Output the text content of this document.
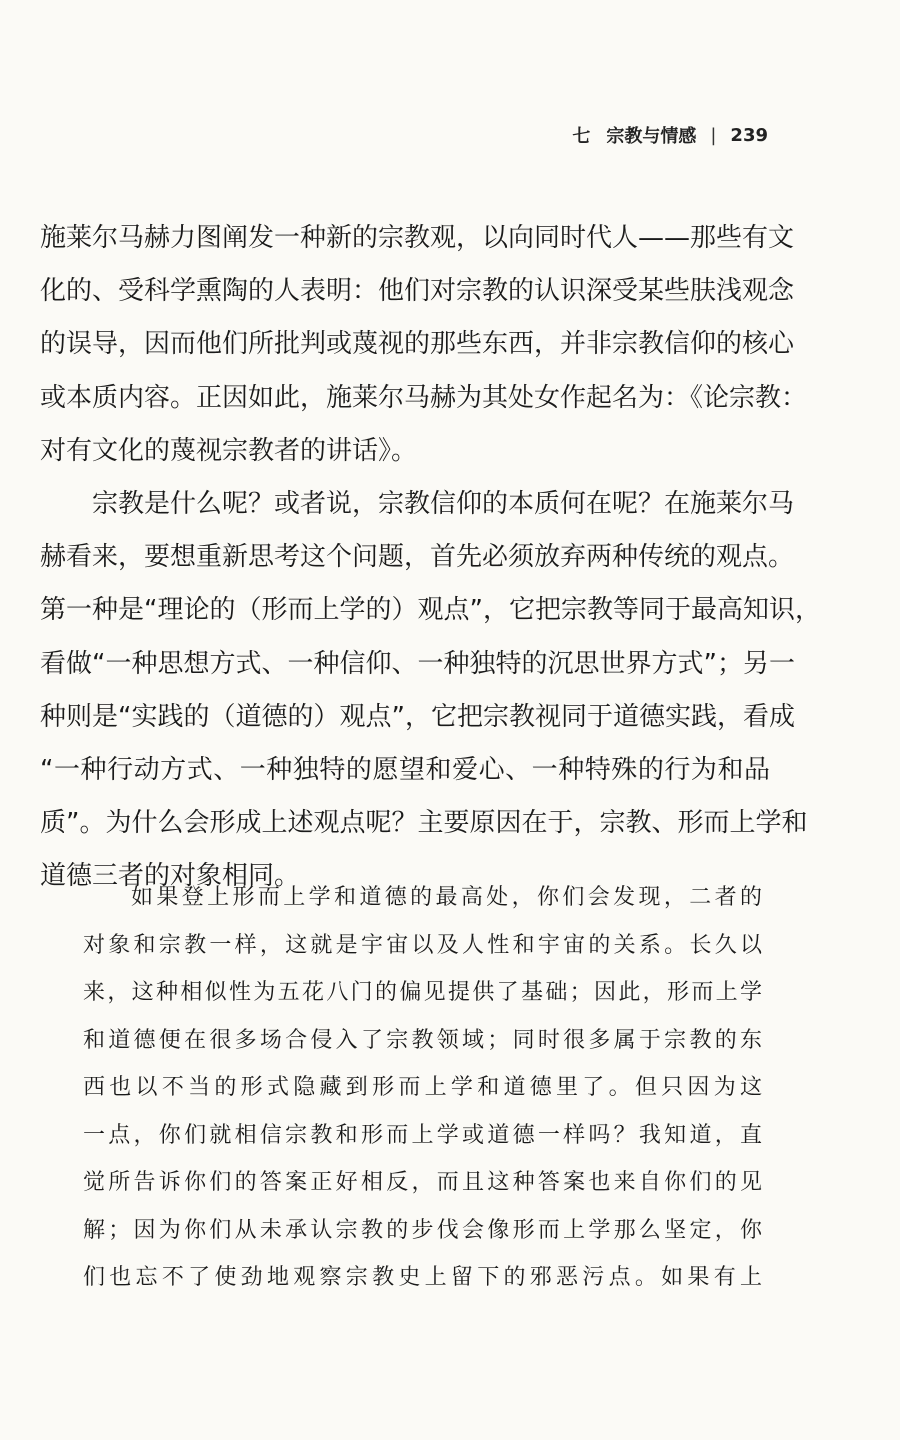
七 宗教与情感 | 239
施莱尔马赫力图阐发一种新的宗教观，以向同时代人——那些有文
化的、受科学熏陶的人表明：他们对宗教的认识深受某些肤浅观念
的误导，因而他们所批判或蔑视的那些东西，并非宗教信仰的核心
或本质内容。正因如此，施莱尔马赫为其处女作起名为：《论宗教：
对有文化的蔑视宗教者的讲话》。
宗教是什么呢？或者说，宗教信仰的本质何在呢？在施莱尔马
赫看来，要想重新思考这个问题，首先必须放弃两种传统的观点。
第一种是“理论的（形而上学的）观点”，它把宗教等同于最高知识，
看做“一种思想方式、一种信仰、一种独特的沉思世界方式”；另一
种则是“实践的（道德的）观点”，它把宗教视同于道德实践，看成
“一种行动方式、一种独特的愿望和爱心、一种特殊的行为和品
质”。为什么会形成上述观点呢？主要原因在于，宗教、形而上学和
道德三者的对象相同。
如果登上形而上学和道德的最高处，你们会发现，二者的
对象和宗教一样，这就是宇宙以及人性和宇宙的关系。长久以
来，这种相似性为五花八门的偏见提供了基础；因此，形而上学
和道德便在很多场合侵入了宗教领域；同时很多属于宗教的东
西也以不当的形式隐藏到形而上学和道德里了。但只因为这
一点，你们就相信宗教和形而上学或道德一样吗？我知道，直
觉所告诉你们的答案正好相反，而且这种答案也来自你们的见
解；因为你们从未承认宗教的步伐会像形而上学那么坚定，你
们也忘不了使劲地观察宗教史上留下的邪恶污点。如果有上
